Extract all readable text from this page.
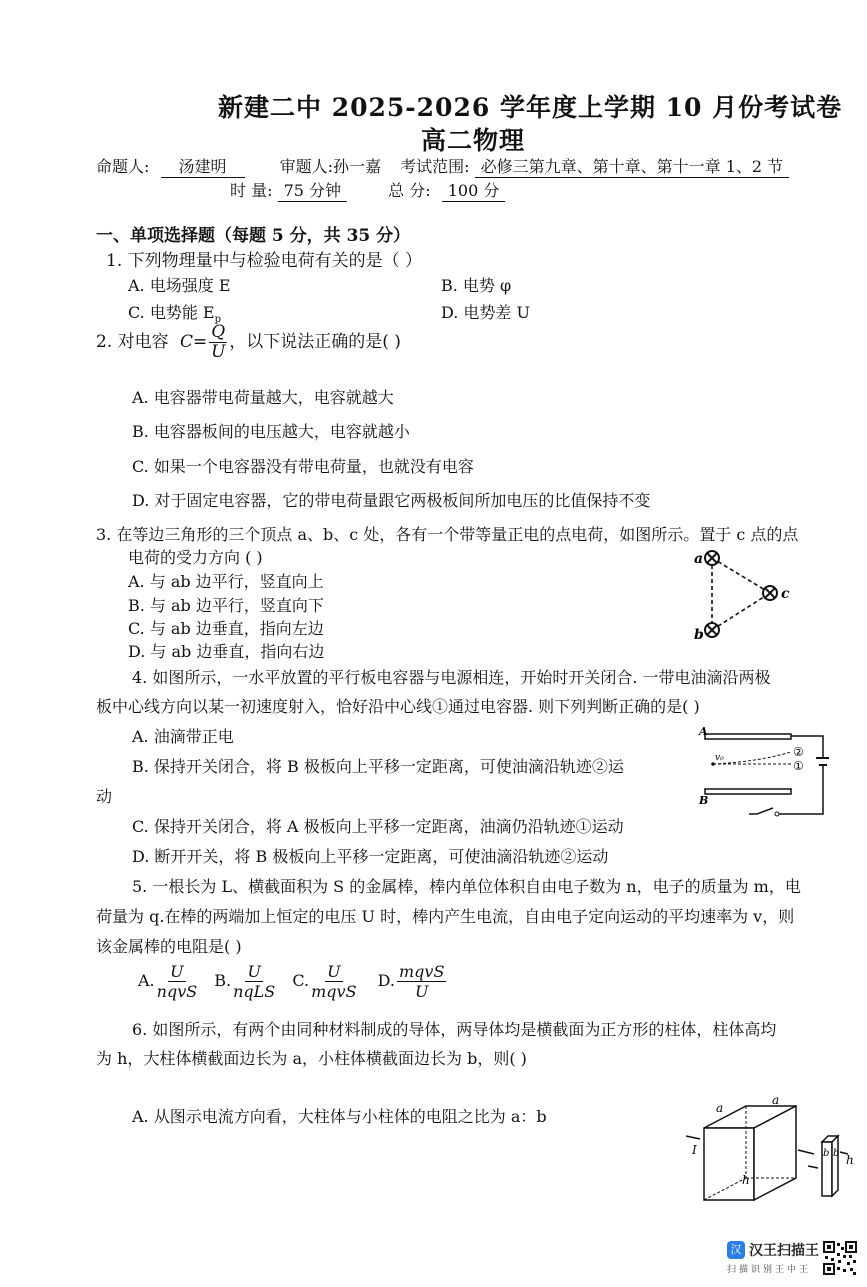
新建二中 2025-2026 学年度上学期 10 月份考试卷
高二物理
命题人: 汤建明	审题人:孙一嘉 考试范围: 必修三第九章、第十章、第十一章 1、2 节
时 量: 75 分钟	总 分: 100 分
一、单项选择题（每题 5 分，共 35 分）
1. 下列物理量中与检验电荷有关的是（ ）
A. 电场强度 E	B. 电势 φ
C. 电势能 $E_p$	D. 电势差 U
2. 对电容 $C= \frac{Q}{U}$ ，以下说法正确的是( )
A. 电容器带电荷量越大，电容就越大
B. 电容器板间的电压越大，电容就越小
C. 如果一个电容器没有带电荷量，也就没有电容
D. 对于固定电容器，它的带电荷量跟它两极板间所加电压的比值保持不变
3. 在等边三角形的三个顶点 a、b、c 处，各有一个带等量正电的点电荷，如图所示。置于 c 点的点
电荷的受力方向 ( )
A. 与 ab 边平行，竖直向上
B. 与 ab 边平行，竖直向下
C. 与 ab 边垂直，指向左边
D. 与 ab 边垂直，指向右边
a
b
c
4. 如图所示，一水平放置的平行板电容器与电源相连，开始时开关闭合. 一带电油滴沿两极
板中心线方向以某一初速度射入，恰好沿中心线①通过电容器. 则下列判断正确的是( )
A. 油滴带正电
B. 保持开关闭合，将 B 极板向上平移一定距离，可使油滴沿轨迹②运
动
C. 保持开关闭合，将 A 极板向上平移一定距离，油滴仍沿轨迹①运动
D. 断开开关，将 B 极板向上平移一定距离，可使油滴沿轨迹②运动
A
B
v₀	②
①
5. 一根长为 L、横截面积为 S 的金属棒，棒内单位体积自由电子数为 n，电子的质量为 m，电
荷量为 q.在棒的两端加上恒定的电压 U 时，棒内产生电流，自由电子定向运动的平均速率为 v，则
该金属棒的电阻是( )
A. U
nqvS
B. U
nqLS
C. U
mqvS
D. mqvS
U
6. 如图所示，有两个由同种材料制成的导体，两导体均是横截面为正方形的柱体，柱体高均
为 h，大柱体横截面边长为 a，小柱体横截面边长为 b，则( )
A. 从图示电流方向看，大柱体与小柱体的电阻之比为 a：b	a
a
h
I	b b h
汉 汉王扫描王
扫描识别王中王
